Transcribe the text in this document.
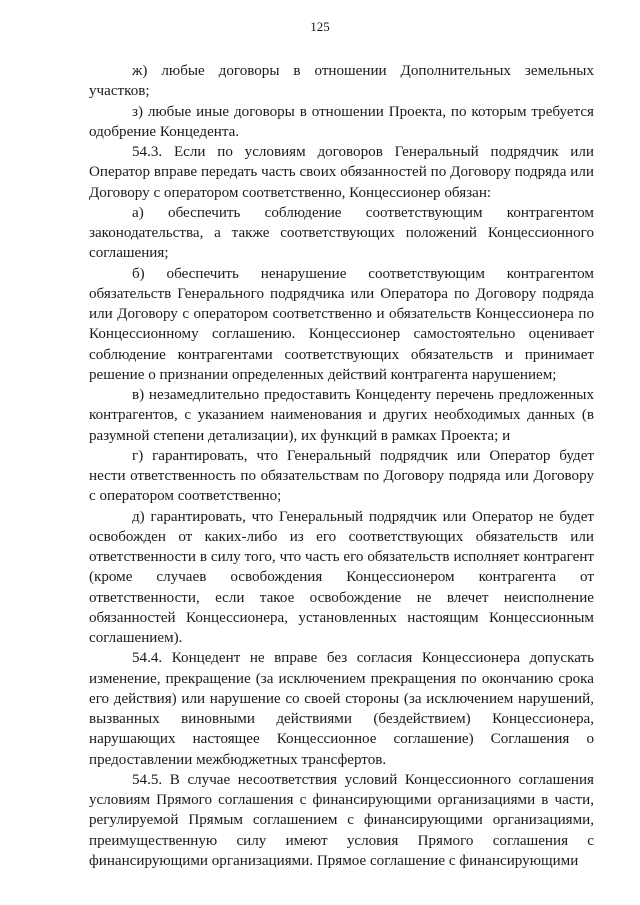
125

ж) любые договоры в отношении Дополнительных земельных участков;

з) любые иные договоры в отношении Проекта, по которым требуется одобрение Концедента.

54.3. Если по условиям договоров Генеральный подрядчик или Оператор вправе передать часть своих обязанностей по Договору подряда или Договору с оператором соответственно, Концессионер обязан:

а) обеспечить соблюдение соответствующим контрагентом законодательства, а также соответствующих положений Концессионного соглашения;

б) обеспечить ненарушение соответствующим контрагентом обязательств Генерального подрядчика или Оператора по Договору подряда или Договору с оператором соответственно и обязательств Концессионера по Концессионному соглашению. Концессионер самостоятельно оценивает соблюдение контрагентами соответствующих обязательств и принимает решение о признании определенных действий контрагента нарушением;

в) незамедлительно предоставить Концеденту перечень предложенных контрагентов, с указанием наименования и других необходимых данных (в разумной степени детализации), их функций в рамках Проекта; и

г) гарантировать, что Генеральный подрядчик или Оператор будет нести ответственность по обязательствам по Договору подряда или Договору с оператором соответственно;

д) гарантировать, что Генеральный подрядчик или Оператор не будет освобожден от каких-либо из его соответствующих обязательств или ответственности в силу того, что часть его обязательств исполняет контрагент (кроме случаев освобождения Концессионером контрагента от ответственности, если такое освобождение не влечет неисполнение обязанностей Концессионера, установленных настоящим Концессионным соглашением).

54.4. Концедент не вправе без согласия Концессионера допускать изменение, прекращение (за исключением прекращения по окончанию срока его действия) или нарушение со своей стороны (за исключением нарушений, вызванных виновными действиями (бездействием) Концессионера, нарушающих настоящее Концессионное соглашение) Соглашения о предоставлении межбюджетных трансфертов.

54.5. В случае несоответствия условий Концессионного соглашения условиям Прямого соглашения с финансирующими организациями в части, регулируемой Прямым соглашением с финансирующими организациями, преимущественную силу имеют условия Прямого соглашения с финансирующими организациями. Прямое соглашение с финансирующими
